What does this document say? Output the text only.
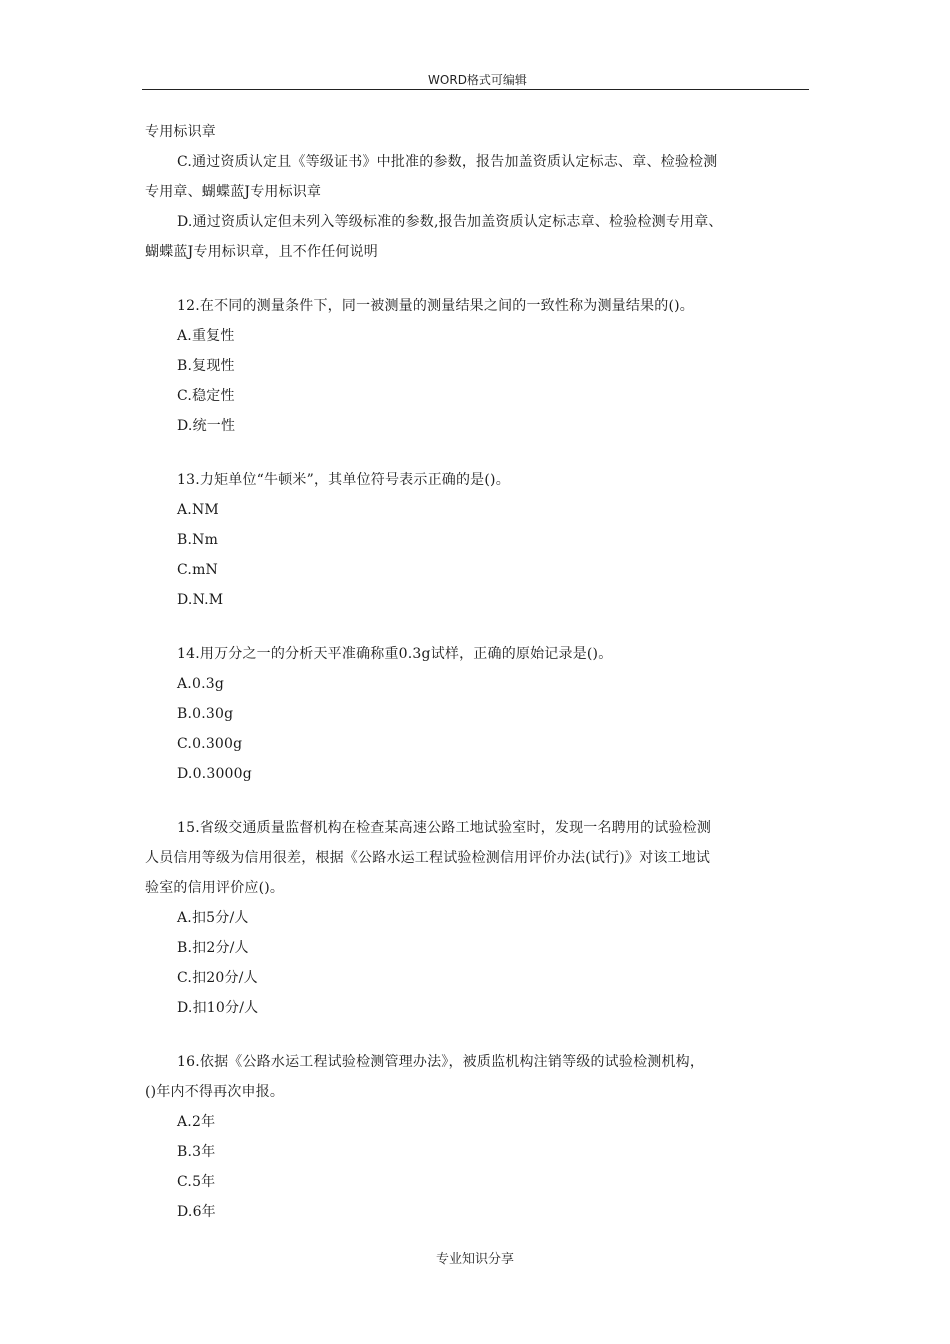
WORD格式可编辑
专用标识章
C.通过资质认定且《等级证书》中批准的参数，报告加盖资质认定标志、章、检验检测
专用章、蝴蝶蓝J专用标识章
D.通过资质认定但未列入等级标准的参数,报告加盖资质认定标志章、检验检测专用章、
蝴蝶蓝J专用标识章，且不作任何说明
12.在不同的测量条件下，同一被测量的测量结果之间的一致性称为测量结果的()。
A.重复性
B.复现性
C.稳定性
D.统一性
13.力矩单位“牛顿米”，其单位符号表示正确的是()。
A.NM
B.Nm
C.mN
D.N.M
14.用万分之一的分析天平准确称重0.3g试样，正确的原始记录是()。
A.0.3g
B.0.30g
C.0.300g
D.0.3000g
15.省级交通质量监督机构在检查某高速公路工地试验室时，发现一名聘用的试验检测
人员信用等级为信用很差，根据《公路水运工程试验检测信用评价办法(试行)》对该工地试
验室的信用评价应()。
A.扣5分/人
B.扣2分/人
C.扣20分/人
D.扣10分/人
16.依据《公路水运工程试验检测管理办法》，被质监机构注销等级的试验检测机构，
()年内不得再次申报。
A.2年
B.3年
C.5年
D.6年
专业知识分享
